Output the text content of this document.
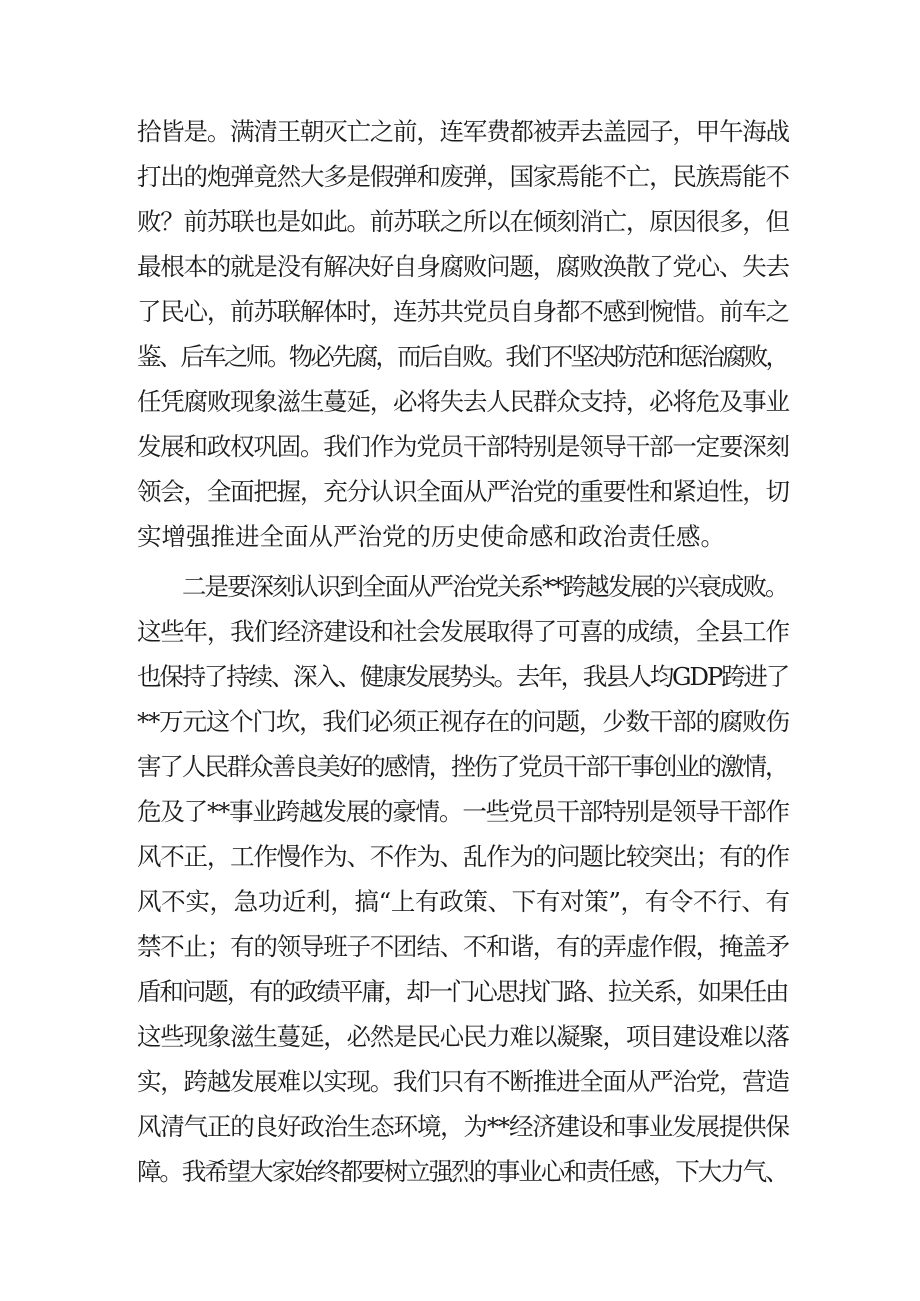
拾皆是。满清王朝灭亡之前，连军费都被弄去盖园子，甲午海战
打出的炮弹竟然大多是假弹和废弹，国家焉能不亡，民族焉能不
败？前苏联也是如此。前苏联之所以在倾刻消亡，原因很多，但
最根本的就是没有解决好自身腐败问题，腐败涣散了党心、失去
了民心，前苏联解体时，连苏共党员自身都不感到惋惜。前车之
鉴、后车之师。物必先腐，而后自败。我们不坚决防范和惩治腐败，
任凭腐败现象滋生蔓延，必将失去人民群众支持，必将危及事业
发展和政权巩固。我们作为党员干部特别是领导干部一定要深刻
领会，全面把握，充分认识全面从严治党的重要性和紧迫性，切
实增强推进全面从严治党的历史使命感和政治责任感。
二是要深刻认识到全面从严治党关系**跨越发展的兴衰成败。
这些年，我们经济建设和社会发展取得了可喜的成绩，全县工作
也保持了持续、深入、健康发展势头。去年，我县人均GDP跨进了
**万元这个门坎，我们必须正视存在的问题，少数干部的腐败伤
害了人民群众善良美好的感情，挫伤了党员干部干事创业的激情，
危及了**事业跨越发展的豪情。一些党员干部特别是领导干部作
风不正，工作慢作为、不作为、乱作为的问题比较突出；有的作
风不实，急功近利，搞“上有政策、下有对策”，有令不行、有
禁不止；有的领导班子不团结、不和谐，有的弄虚作假，掩盖矛
盾和问题，有的政绩平庸，却一门心思找门路、拉关系，如果任由
这些现象滋生蔓延，必然是民心民力难以凝聚，项目建设难以落
实，跨越发展难以实现。我们只有不断推进全面从严治党，营造
风清气正的良好政治生态环境，为**经济建设和事业发展提供保
障。我希望大家始终都要树立强烈的事业心和责任感，下大力气、
